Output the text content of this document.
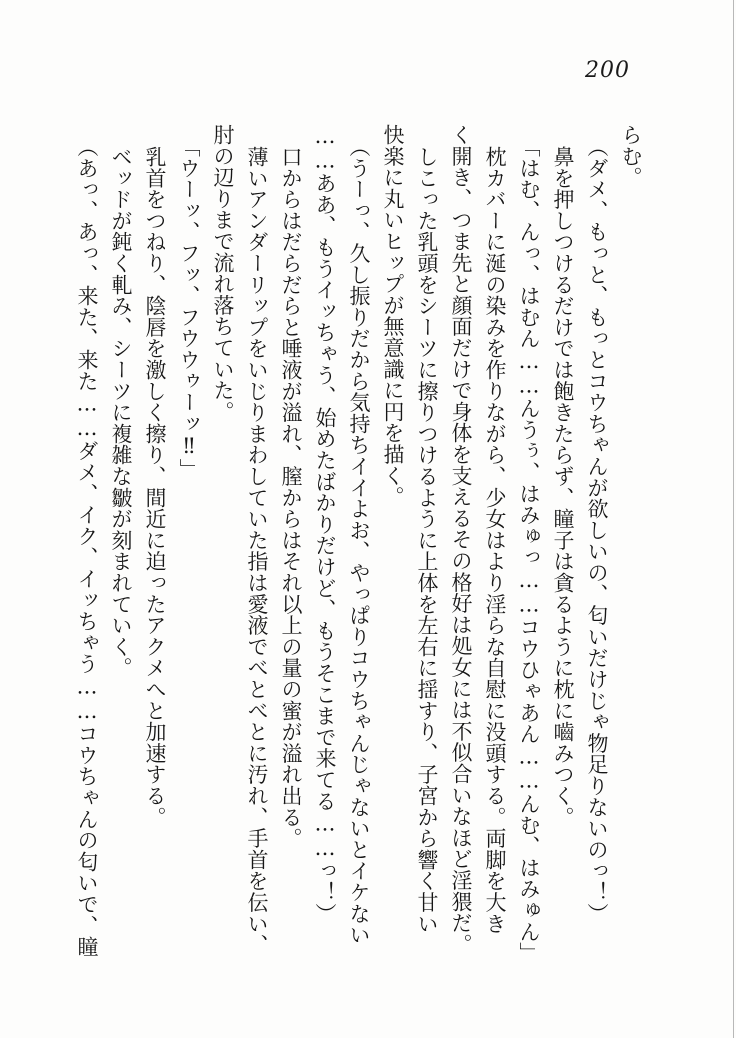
200

らむ。

（ダメ、もっと、もっとコウちゃんが欲しいの、匂いだけじゃ物足りないのっ！）

鼻を押しつけるだけでは飽きたらず、瞳子は貪るように枕に嚙みつく。

「はむ、んっ、はむん……んうぅ、はみゅっ……コウひゃあん……んむ、はみゅん」

枕カバーに涎の染みを作りながら、少女はより淫らな自慰に没頭する。両脚を大き

く開き、つま先と顔面だけで身体を支えるその格好は処女には不似合いなほど淫猥だ。

しこった乳頭をシーツに擦りつけるように上体を左右に揺すり、子宮から響く甘い

快楽に丸いヒップが無意識に円を描く。

（うーっ、久し振りだから気持ちイイよお、やっぱりコウちゃんじゃないとイケない

……ああ、もうイッちゃう、始めたばかりだけど、もうそこまで来てる……っ！）

口からはだらだらと唾液が溢れ、膣からはそれ以上の量の蜜が溢れ出る。

薄いアンダーリップをいじりまわしていた指は愛液でべとべとに汚れ、手首を伝い、

肘の辺りまで流れ落ちていた。

「ウーッ、フッ、フウウゥーッ‼」

乳首をつねり、陰唇を激しく擦り、間近に迫ったアクメへと加速する。

ベッドが鈍く軋み、シーツに複雑な皺が刻まれていく。

（あっ、あっ、来た、来た……ダメ、イク、イッちゃう……コウちゃんの匂いで、瞳
